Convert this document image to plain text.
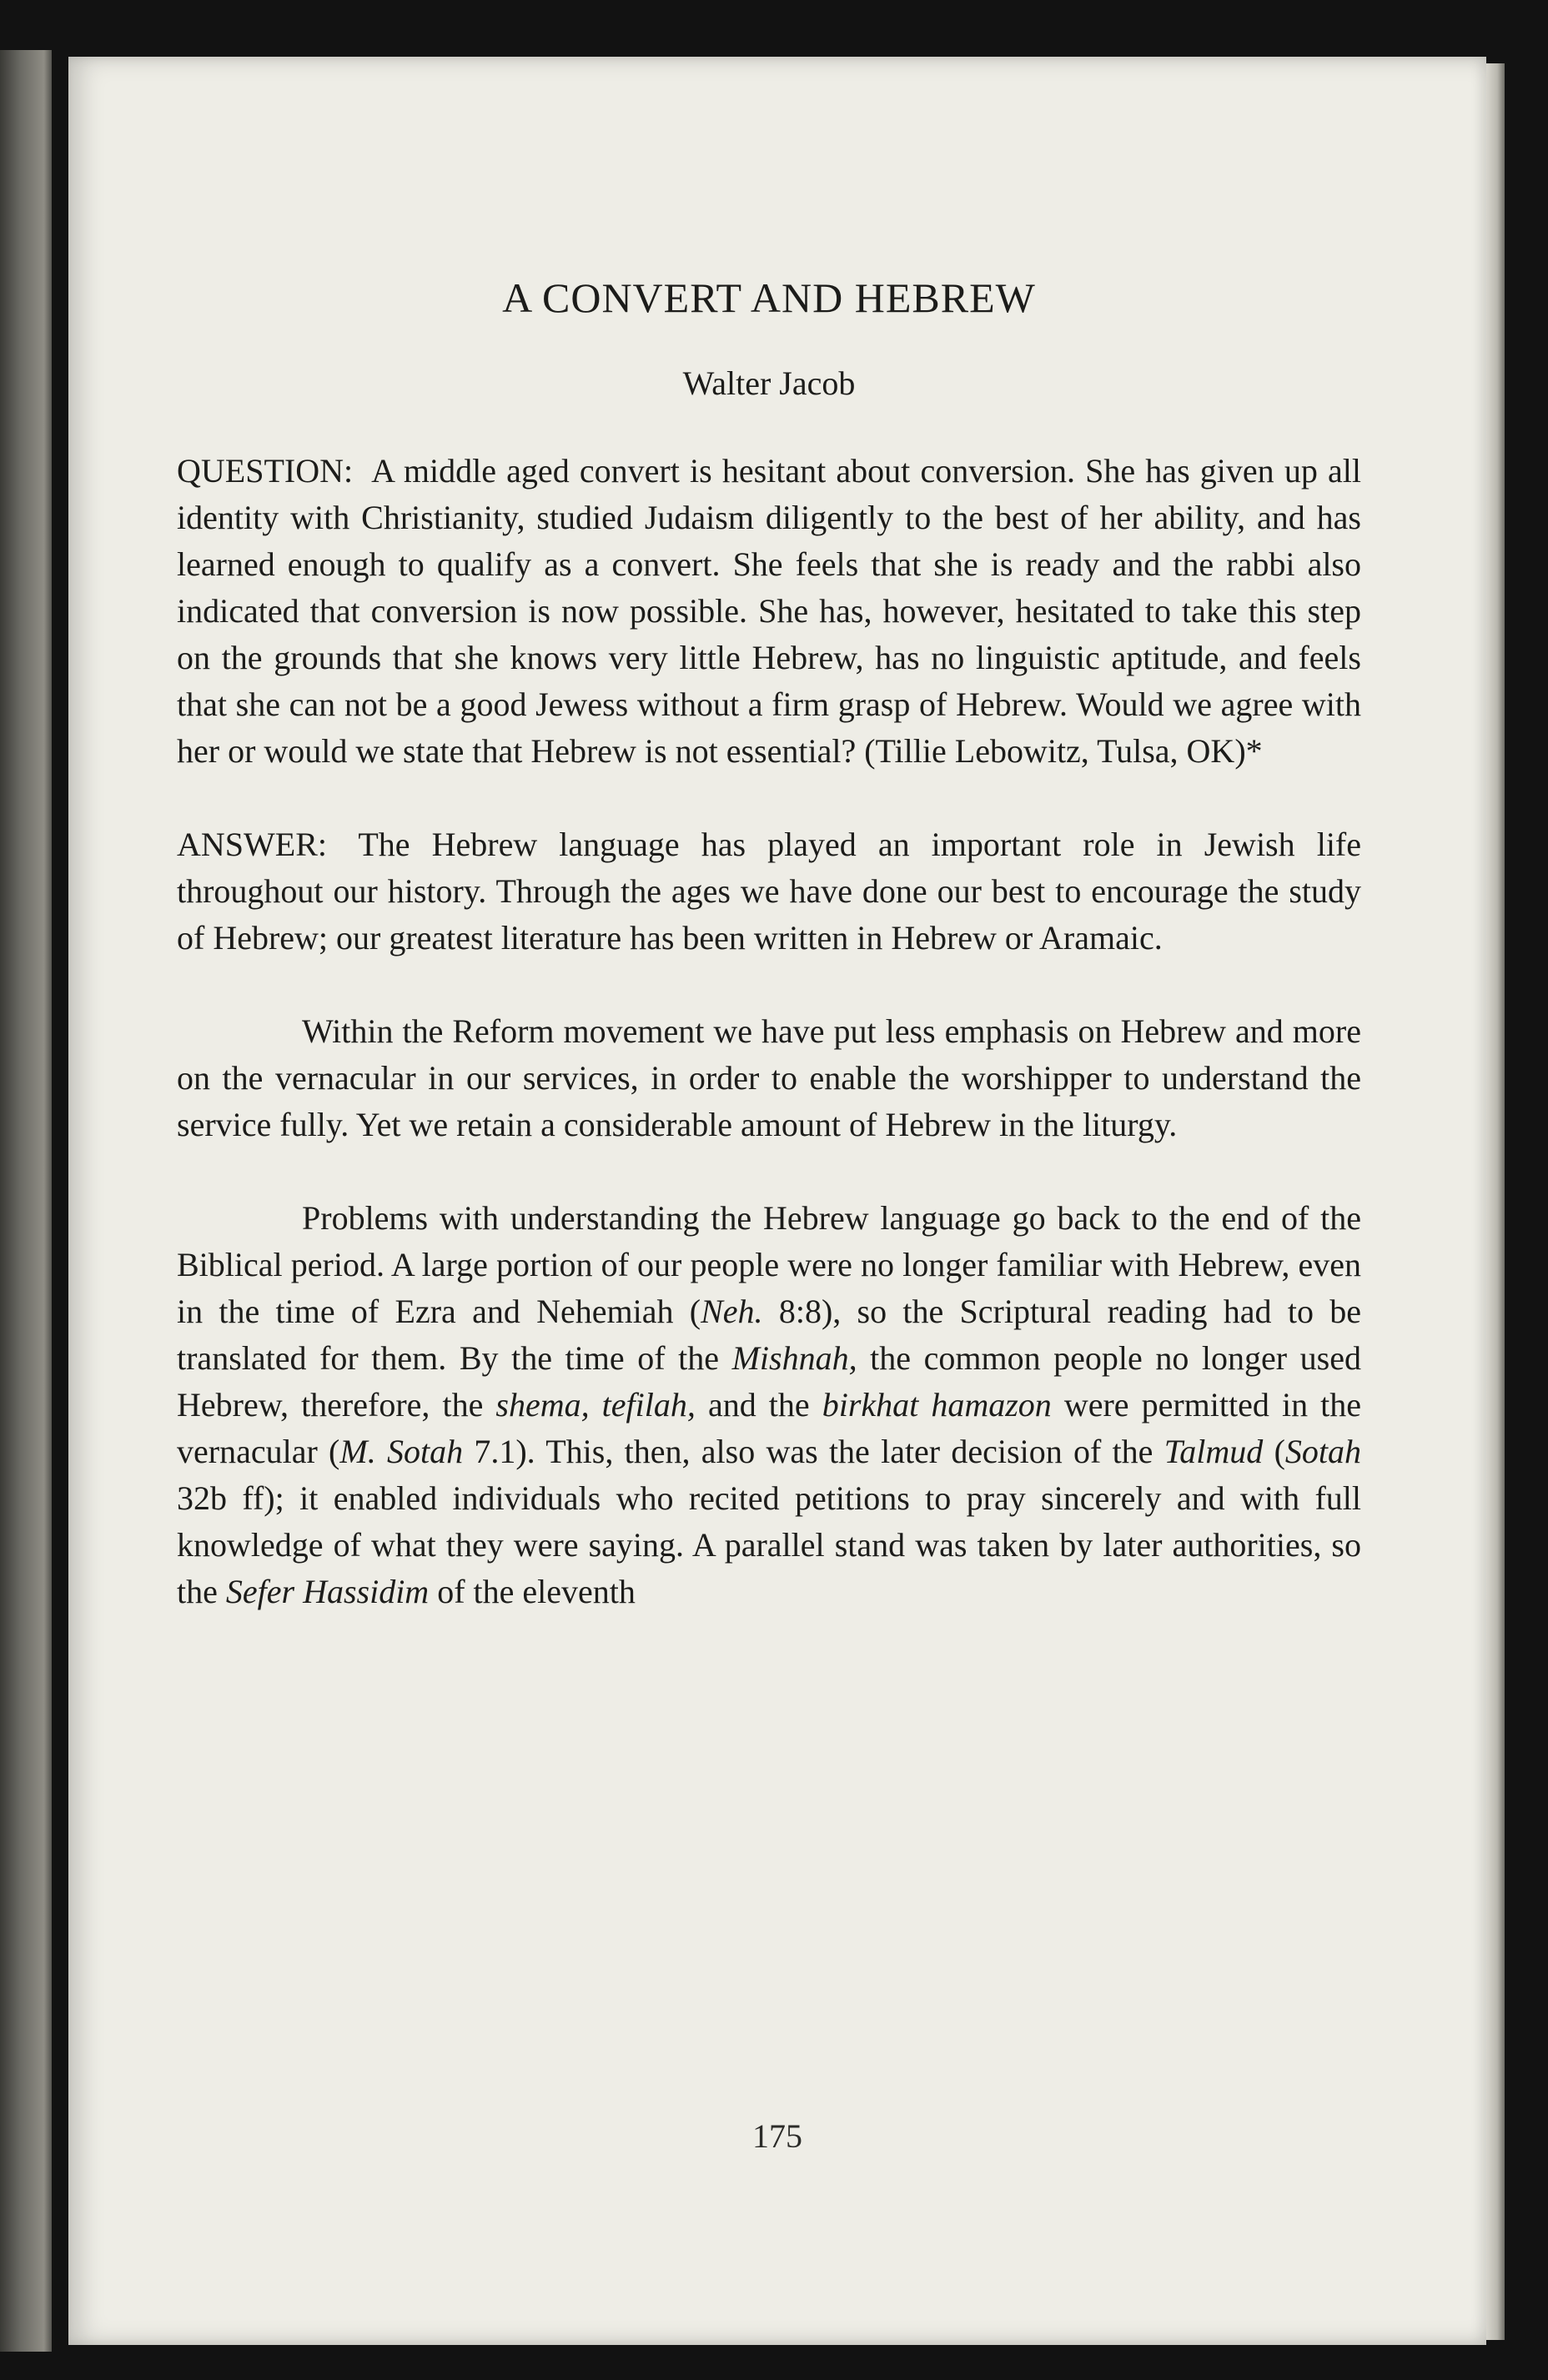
A CONVERT AND HEBREW
Walter Jacob

QUESTION: A middle aged convert is hesitant about conversion. She has given up all identity with Christianity, studied Judaism diligently to the best of her ability, and has learned enough to qualify as a convert. She feels that she is ready and the rabbi also indicated that conversion is now possible. She has, however, hesitated to take this step on the grounds that she knows very little Hebrew, has no linguistic aptitude, and feels that she can not be a good Jewess without a firm grasp of Hebrew. Would we agree with her or would we state that Hebrew is not essential? (Tillie Lebowitz, Tulsa, OK)*

ANSWER: The Hebrew language has played an important role in Jewish life throughout our history. Through the ages we have done our best to encourage the study of Hebrew; our greatest literature has been written in Hebrew or Aramaic.

Within the Reform movement we have put less emphasis on Hebrew and more on the vernacular in our services, in order to enable the worshipper to understand the service fully. Yet we retain a considerable amount of Hebrew in the liturgy.

Problems with understanding the Hebrew language go back to the end of the Biblical period. A large portion of our people were no longer familiar with Hebrew, even in the time of Ezra and Nehemiah (Neh. 8:8), so the Scriptural reading had to be translated for them. By the time of the Mishnah, the common people no longer used Hebrew, therefore, the shema, tefilah, and the birkhat hamazon were permitted in the vernacular (M. Sotah 7.1). This, then, also was the later decision of the Talmud (Sotah 32b ff); it enabled individuals who recited petitions to pray sincerely and with full knowledge of what they were saying. A parallel stand was taken by later authorities, so the Sefer Hassidim of the eleventh

175
